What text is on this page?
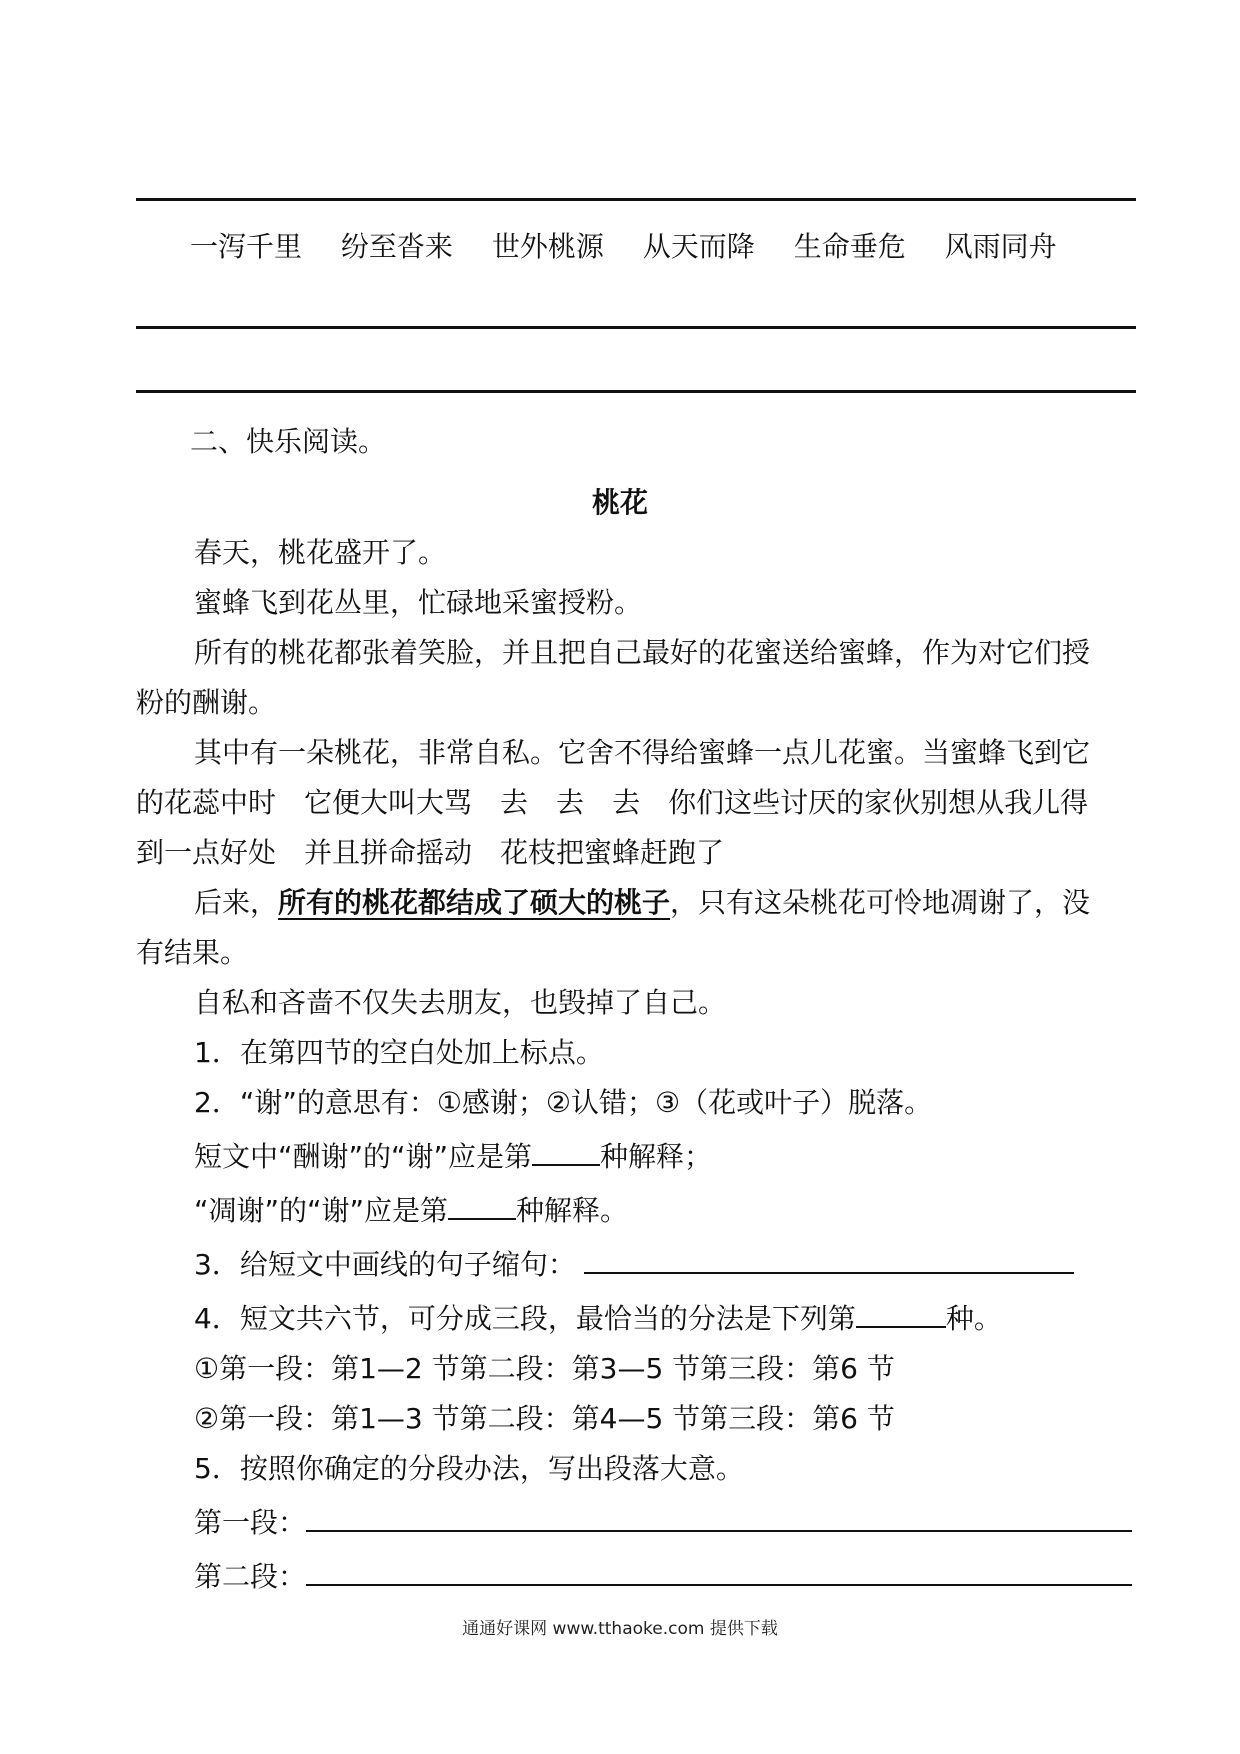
一泻千里 纷至沓来 世外桃源 从天而降 生命垂危 风雨同舟
二、快乐阅读。
桃花

春天，桃花盛开了。

蜜蜂飞到花丛里，忙碌地采蜜授粉。

所有的桃花都张着笑脸，并且把自己最好的花蜜送给蜜蜂，作为对它们授

粉的酬谢。

其中有一朵桃花，非常自私。它舍不得给蜜蜂一点儿花蜜。当蜜蜂飞到它

的花蕊中时 它便大叫大骂 去 去 去 你们这些讨厌的家伙别想从我儿得

到一点好处 并且拼命摇动 花枝把蜜蜂赶跑了

后来，所有的桃花都结成了硕大的桃子，只有这朵桃花可怜地凋谢了，没

有结果。

自私和吝啬不仅失去朋友，也毁掉了自己。

1．在第四节的空白处加上标点。

2．“谢”的意思有：①感谢；②认错；③（花或叶子）脱落。

短文中“酬谢”的“谢”应是第 种解释；

“凋谢”的“谢”应是第 种解释。

3．给短文中画线的句子缩句：

4．短文共六节，可分成三段，最恰当的分法是下列第	种。

①第一段：第1—2 节第二段：第3—5 节第三段：第6 节

②第一段：第1—3 节第二段：第4—5 节第三段：第6 节

5．按照你确定的分段办法，写出段落大意。

第一段：

第二段：

通通好课网 www.tthaoke.com 提供下载
